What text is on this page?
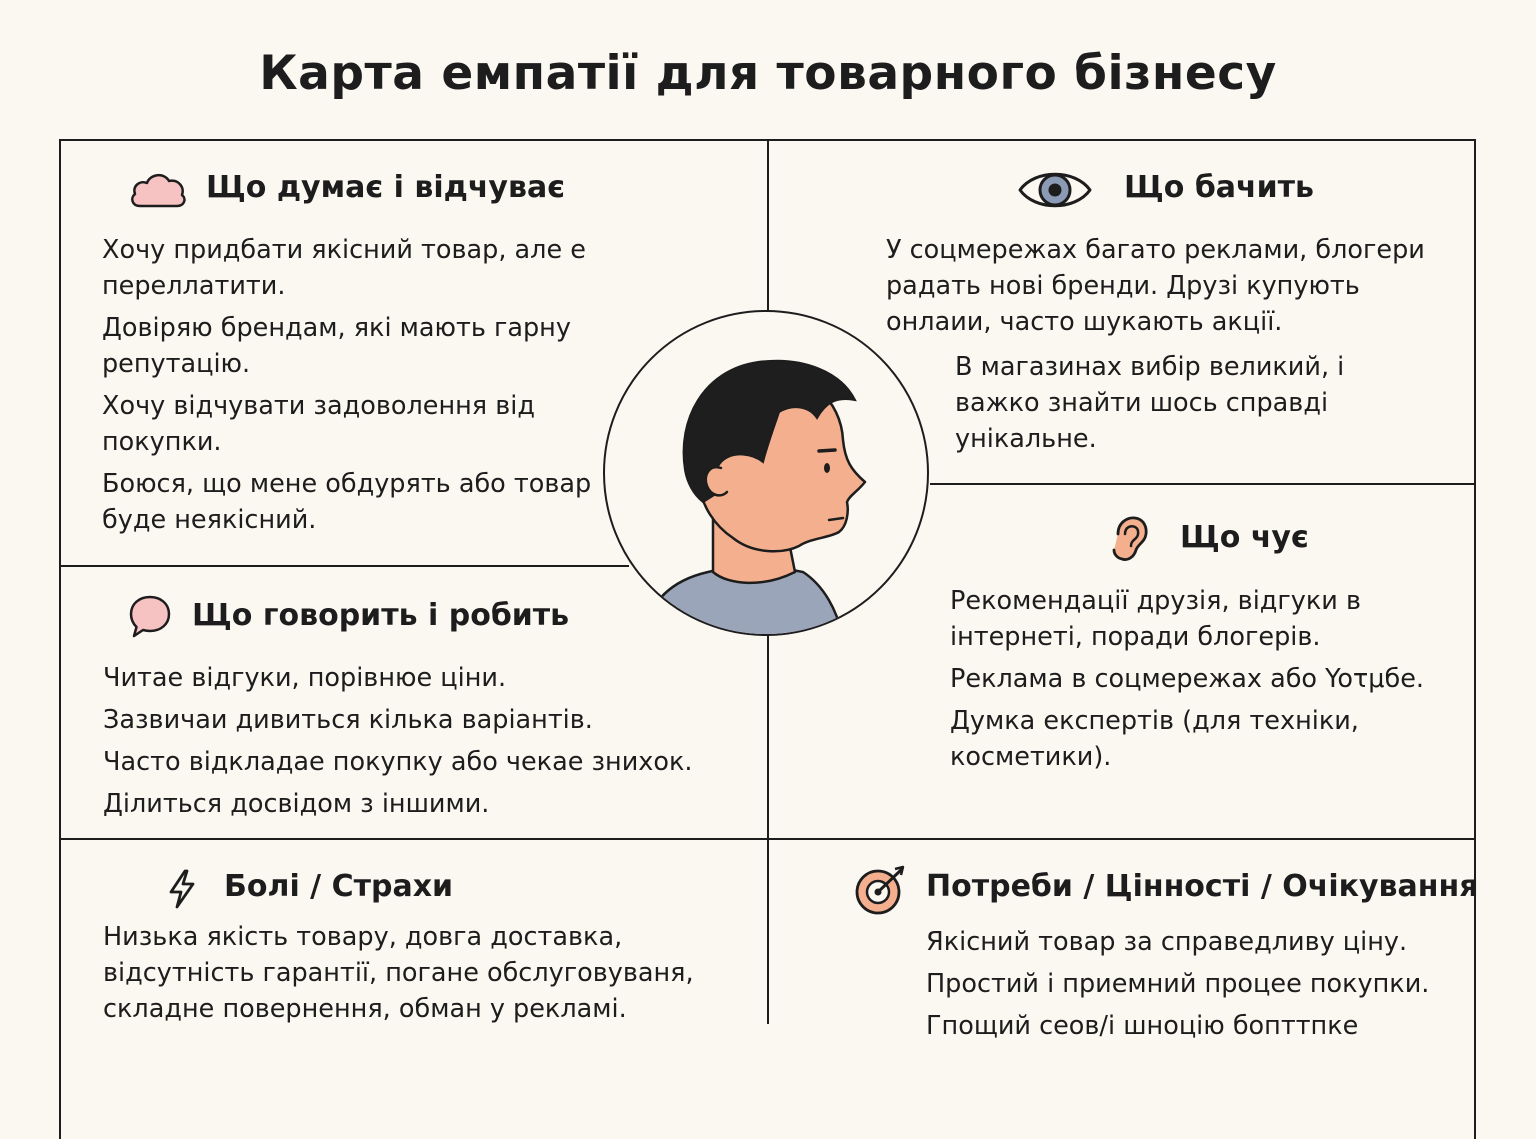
Карта емпатії для товарного бізнесу
Що думає і відчуває

Хочу придбати якісний товар, але е переллатити.

Довіряю брендам, які мають гарну репутацію.

Хочу відчувати задоволення від покупки.

Боюся, що мене обдурять або товар буде неякісний.

Що бачить

У соцмережах багато реклами, блогери радать нові бренди. Друзі купують онлаии, часто шукають акції.

В магазинах вибір великий, і важко знайти шось справді унікальне.

Що говорить і робить

Читае відгуки, порівнюе ціни.

Зазвичаи дивиться кілька варіантів.

Часто відкладае покупку або чекае знихок.

Ділиться досвідом з іншими.

Що чує

Рекомендації друзія, відгуки в інтернеті, поради блогерів.

Реклама в соцмережах або Yoτμбe.

Думка експертів (для техніки, косметики).

Болі / Страхи

Низька якість товару, довга доставка, відсутність гарантії, погане обслуговуваня, складне повернення, обман у рекламі.

Потреби / Цінності / Очікування

Якісний товар за справедливу ціну.

Простий і приемний процее покупки.

Гпощий сеов/і шноцію бопттпке
